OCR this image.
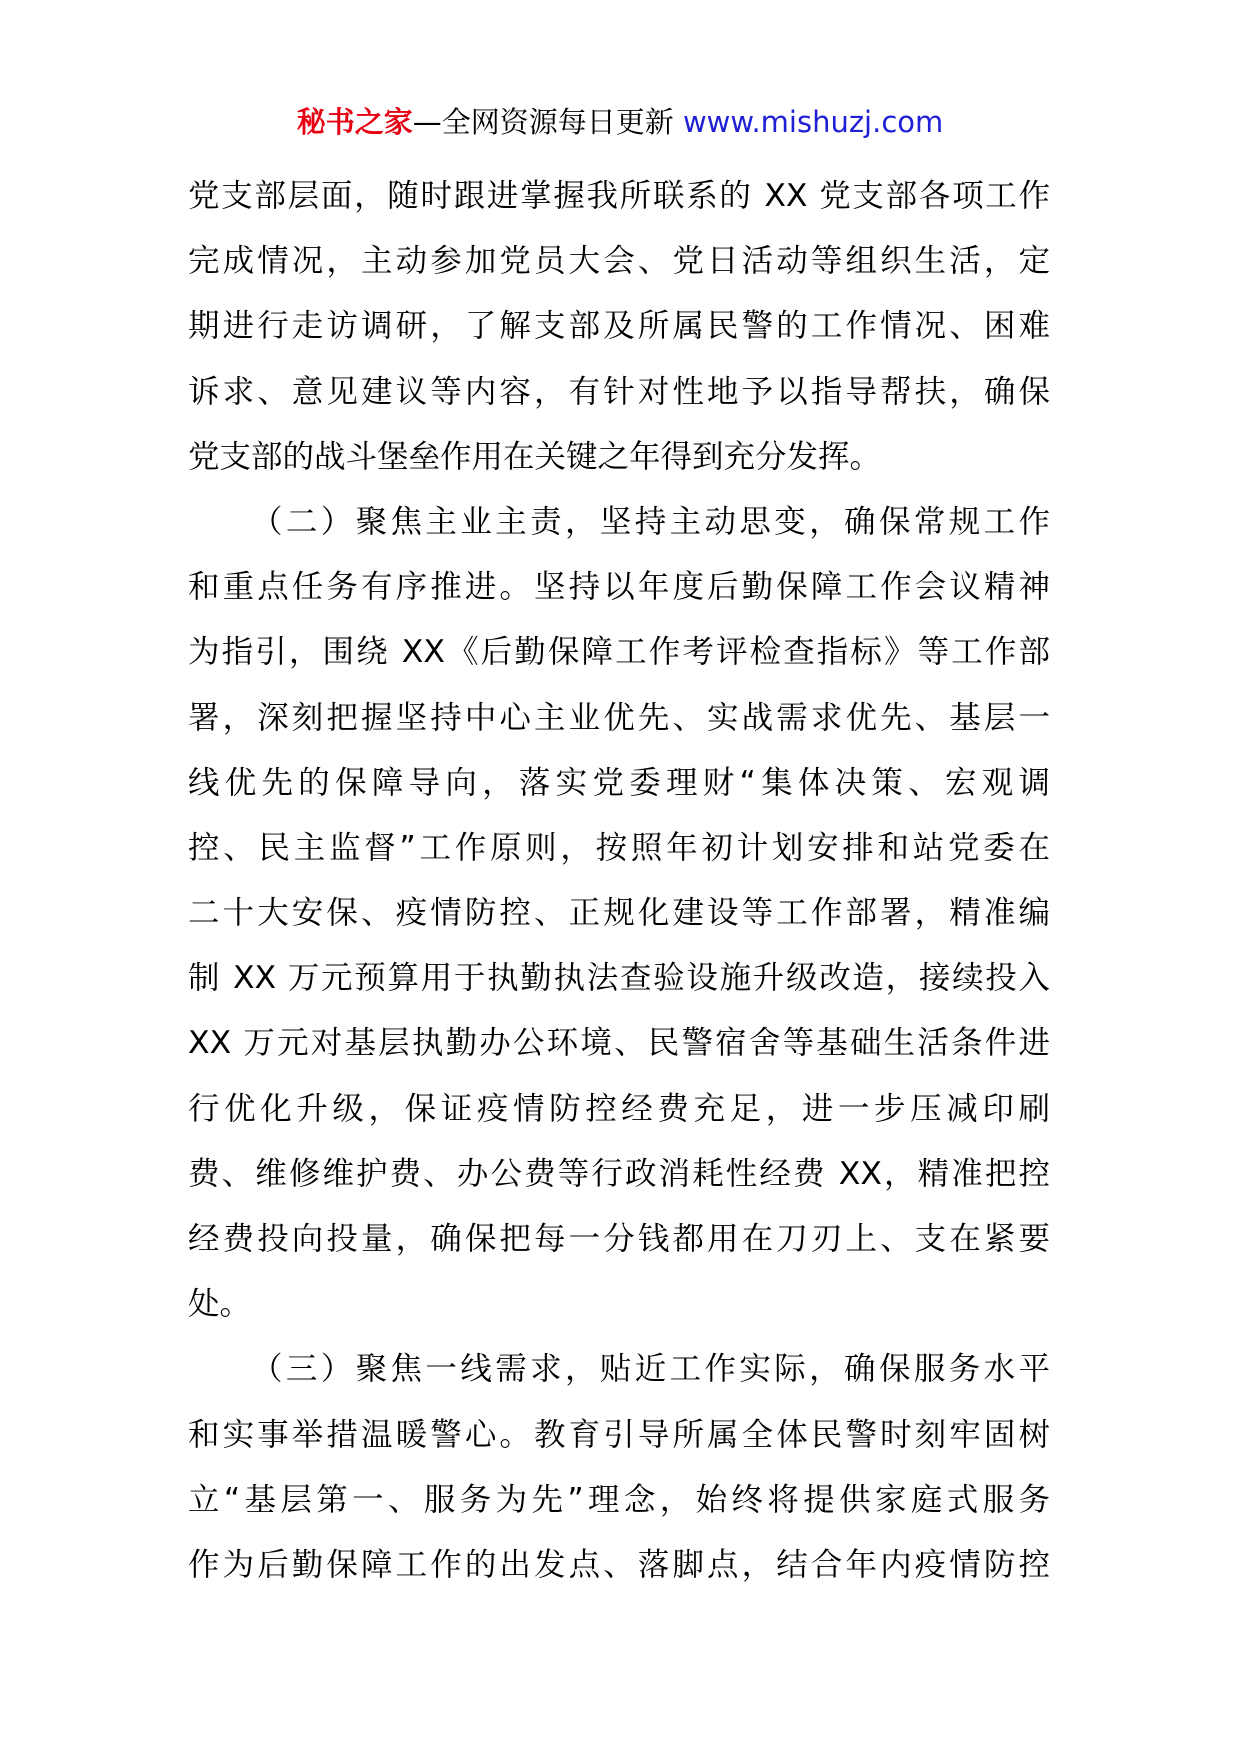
秘书之家—全网资源每日更新 www.mishuzj.com
党支部层面，随时跟进掌握我所联系的 XX 党支部各项工作
完成情况，主动参加党员大会、党日活动等组织生活，定
期进行走访调研，了解支部及所属民警的工作情况、困难
诉求、意见建议等内容，有针对性地予以指导帮扶，确保
党支部的战斗堡垒作用在关键之年得到充分发挥。
（二）聚焦主业主责，坚持主动思变，确保常规工作
和重点任务有序推进。坚持以年度后勤保障工作会议精神
为指引，围绕 XX《后勤保障工作考评检查指标》等工作部
署，深刻把握坚持中心主业优先、实战需求优先、基层一
线优先的保障导向，落实党委理财“集体决策、宏观调
控、民主监督”工作原则，按照年初计划安排和站党委在
二十大安保、疫情防控、正规化建设等工作部署，精准编
制 XX 万元预算用于执勤执法查验设施升级改造，接续投入
XX 万元对基层执勤办公环境、民警宿舍等基础生活条件进
行优化升级，保证疫情防控经费充足，进一步压减印刷
费、维修维护费、办公费等行政消耗性经费 XX，精准把控
经费投向投量，确保把每一分钱都用在刀刃上、支在紧要
处。
（三）聚焦一线需求，贴近工作实际，确保服务水平
和实事举措温暖警心。教育引导所属全体民警时刻牢固树
立“基层第一、服务为先”理念，始终将提供家庭式服务
作为后勤保障工作的出发点、落脚点，结合年内疫情防控
